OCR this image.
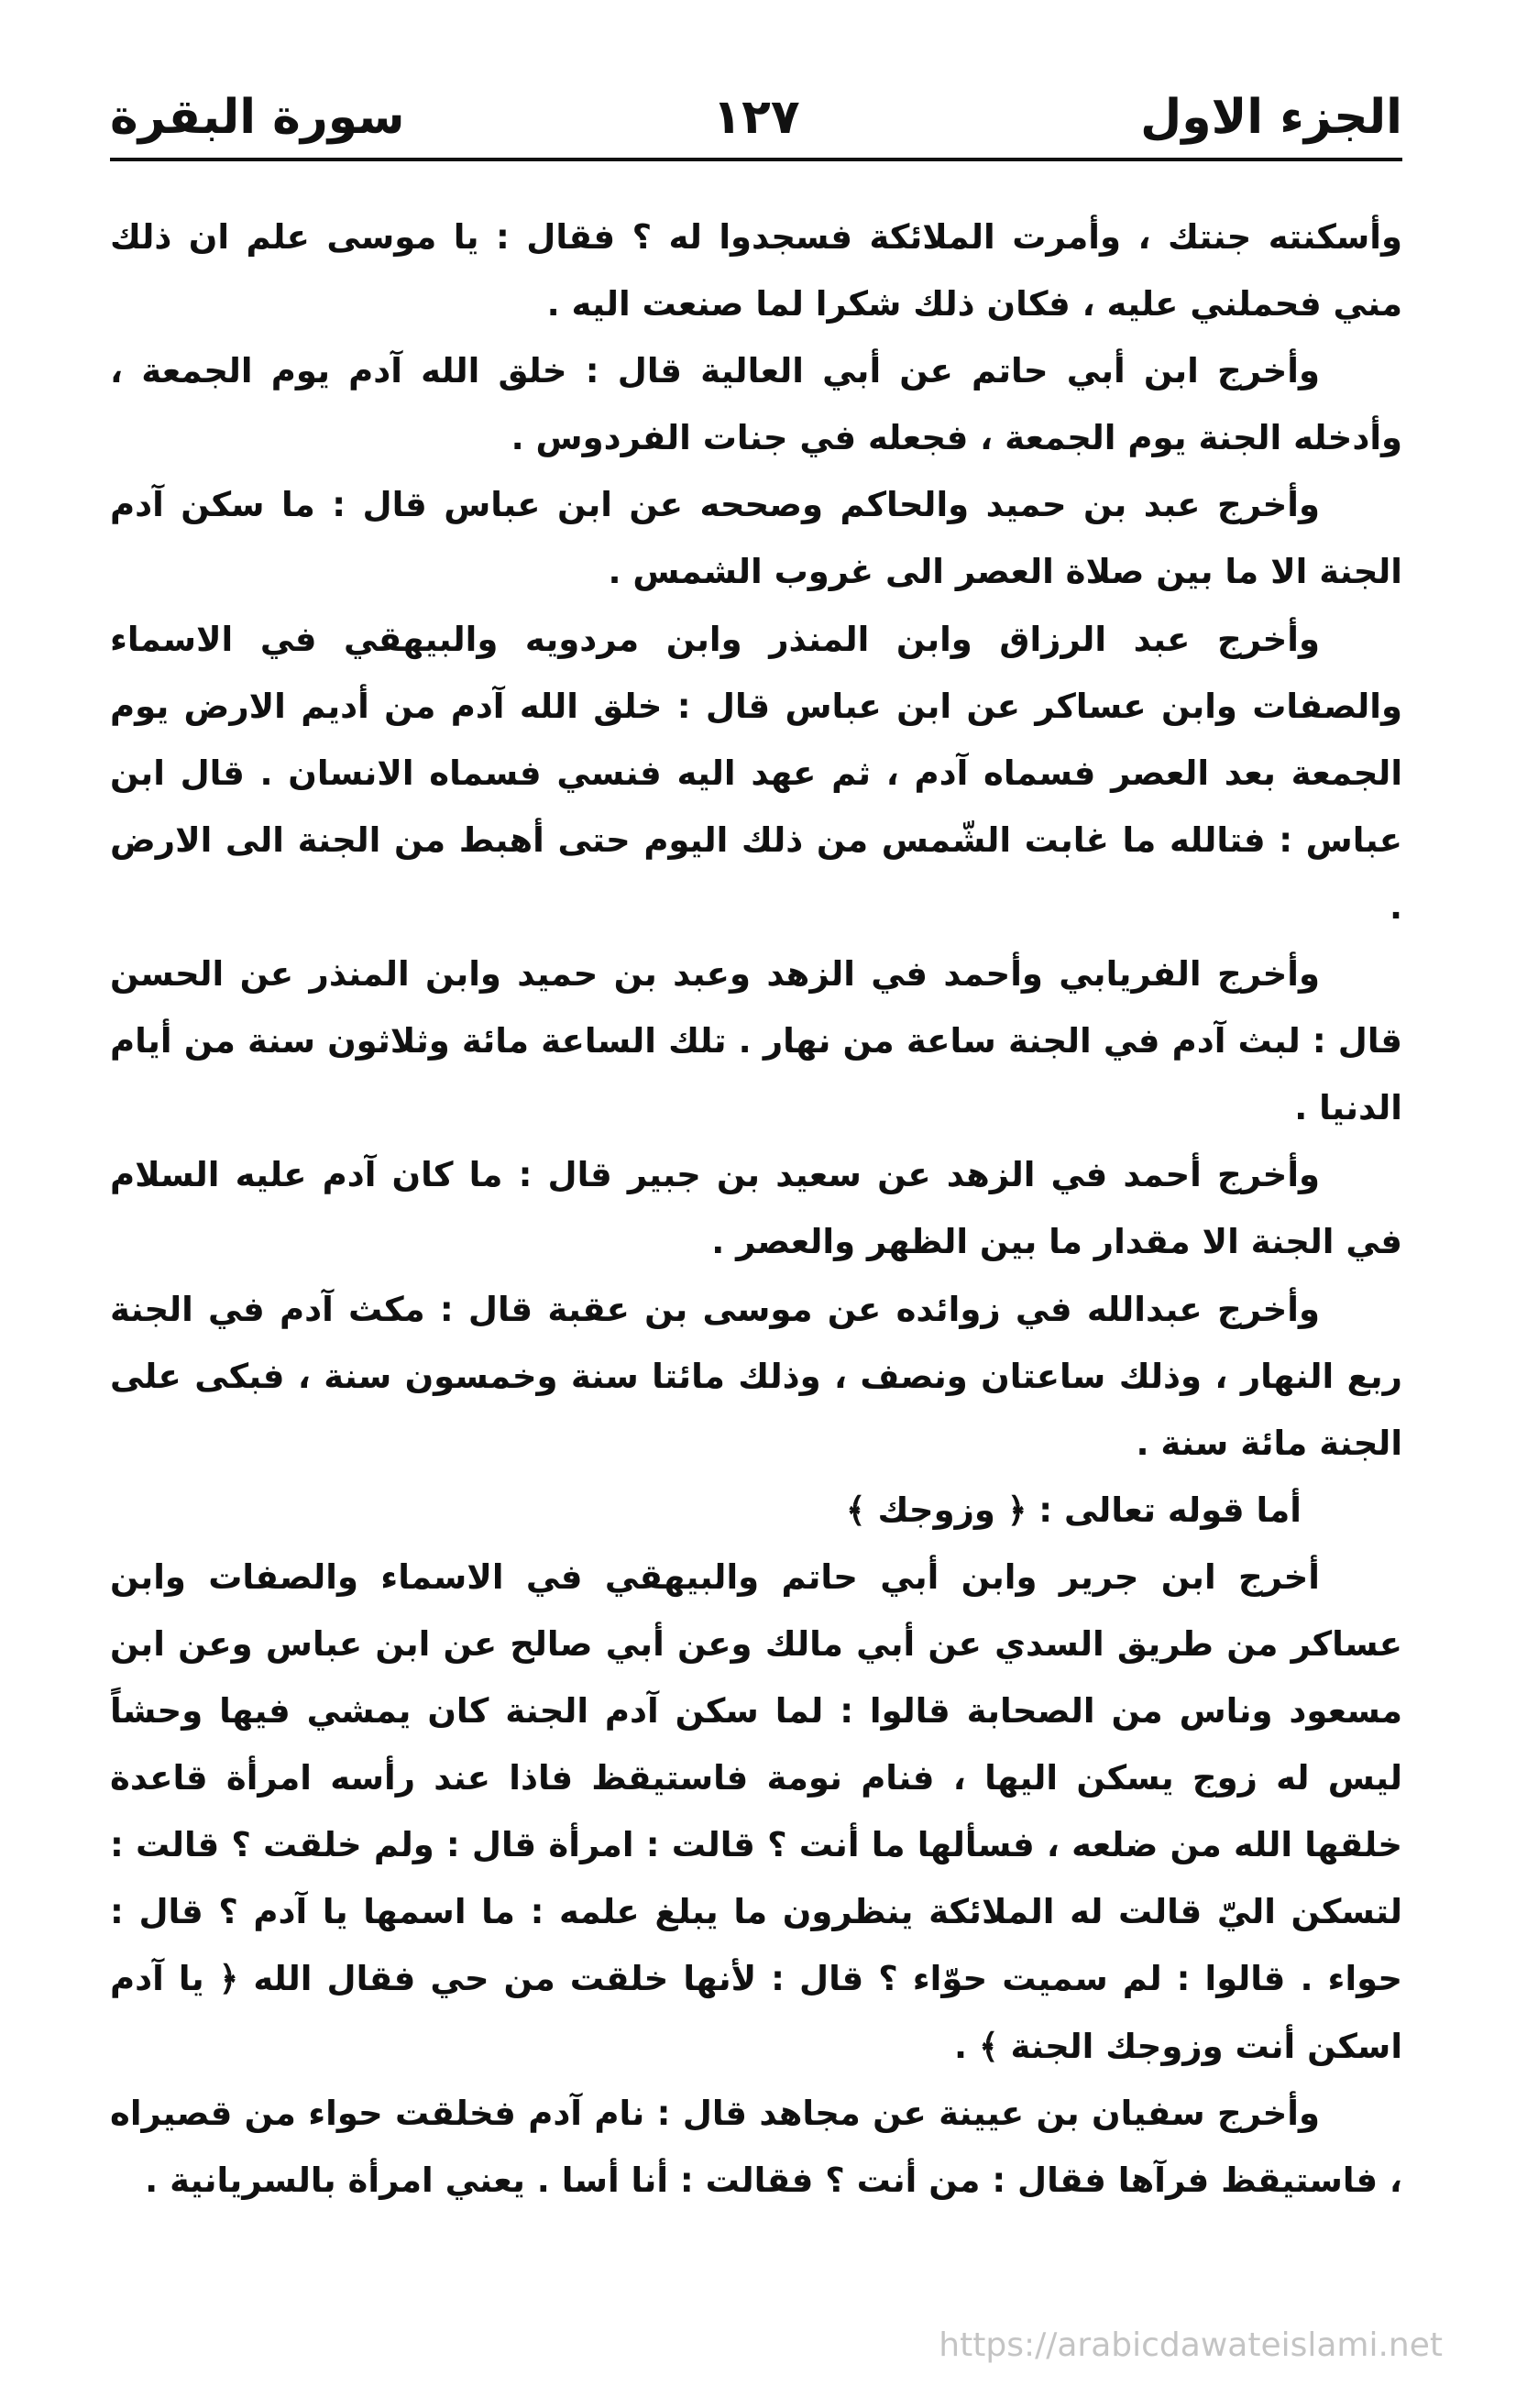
الجزء الاول
١٢٧
سورة البقرة

وأسكنته جنتك ، وأمرت الملائكة فسجدوا له ؟ فقال : يا موسى علم ان ذلك مني فحملني عليه ، فكان ذلك شكرا لما صنعت اليه .

وأخرج ابن أبي حاتم عن أبي العالية قال : خلق الله آدم يوم الجمعة ، وأدخله الجنة يوم الجمعة ، فجعله في جنات الفردوس .

وأخرج عبد بن حميد والحاكم وصححه عن ابن عباس قال : ما سكن آدم الجنة الا ما بين صلاة العصر الى غروب الشمس .

وأخرج عبد الرزاق وابن المنذر وابن مردويه والبيهقي في الاسماء والصفات وابن عساكر عن ابن عباس قال : خلق الله آدم من أديم الارض يوم الجمعة بعد العصر فسماه آدم ، ثم عهد اليه فنسي فسماه الانسان . قال ابن عباس : فتالله ما غابت الشّمس من ذلك اليوم حتى أهبط من الجنة الى الارض .

وأخرج الفريابي وأحمد في الزهد وعبد بن حميد وابن المنذر عن الحسن قال : لبث آدم في الجنة ساعة من نهار . تلك الساعة مائة وثلاثون سنة من أيام الدنيا .

وأخرج أحمد في الزهد عن سعيد بن جبير قال : ما كان آدم عليه السلام في الجنة الا مقدار ما بين الظهر والعصر .

وأخرج عبدالله في زوائده عن موسى بن عقبة قال : مكث آدم في الجنة ربع النهار ، وذلك ساعتان ونصف ، وذلك مائتا سنة وخمسون سنة ، فبكى على الجنة مائة سنة .

أما قوله تعالى : ﴿ وزوجك ﴾

أخرج ابن جرير وابن أبي حاتم والبيهقي في الاسماء والصفات وابن عساكر من طريق السدي عن أبي مالك وعن أبي صالح عن ابن عباس وعن ابن مسعود وناس من الصحابة قالوا : لما سكن آدم الجنة كان يمشي فيها وحشاً ليس له زوج يسكن اليها ، فنام نومة فاستيقظ فاذا عند رأسه امرأة قاعدة خلقها الله من ضلعه ، فسألها ما أنت ؟ قالت : امرأة قال : ولم خلقت ؟ قالت : لتسكن اليّ قالت له الملائكة ينظرون ما يبلغ علمه : ما اسمها يا آدم ؟ قال : حواء . قالوا : لم سميت حوّاء ؟ قال : لأنها خلقت من حي فقال الله ﴿ يا آدم اسكن أنت وزوجك الجنة ﴾ .

وأخرج سفيان بن عيينة عن مجاهد قال : نام آدم فخلقت حواء من قصيراه ، فاستيقظ فرآها فقال : من أنت ؟ فقالت : أنا أسا . يعني امرأة بالسريانية .

https://arabicdawateislami.net
